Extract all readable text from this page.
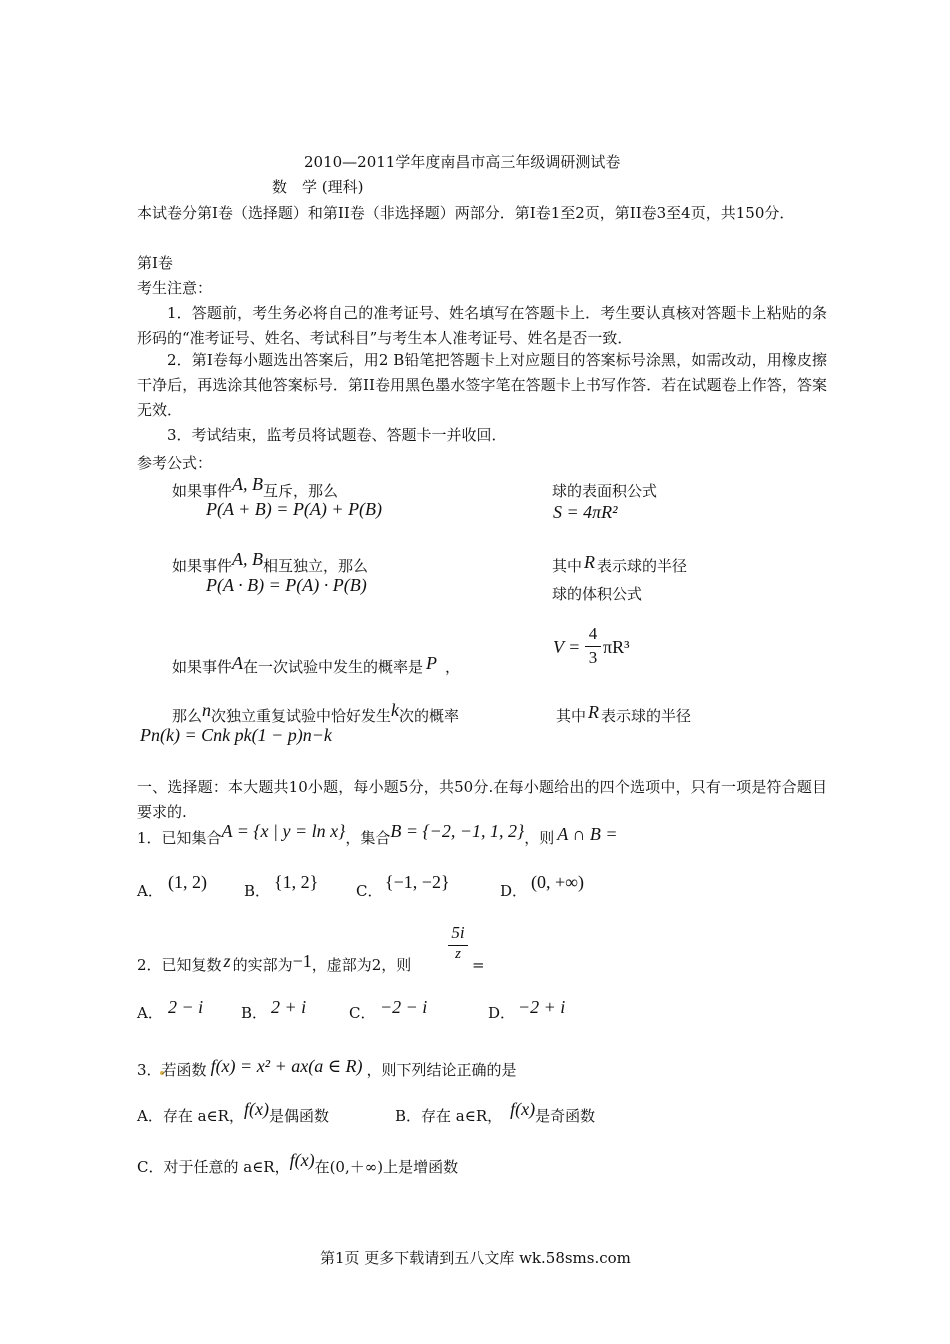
2010—2011学年度南昌市高三年级调研测试卷
数　学 (理科)
本试卷分第I卷（选择题）和第II卷（非选择题）两部分．第I卷1至2页，第II卷3至4页，共150分．
第I卷
考生注意：
1．答题前，考生务必将自己的准考证号、姓名填写在答题卡上．考生要认真核对答题卡上粘贴的条形码的“准考证号、姓名、考试科目”与考生本人准考证号、姓名是否一致．
2．第I卷每小题选出答案后，用2 B铅笔把答题卡上对应题目的答案标号涂黑，如需改动，用橡皮擦干净后，再选涂其他答案标号．第II卷用黑色墨水签字笔在答题卡上书写作答．若在试题卷上作答，答案无效．
3．考试结束，监考员将试题卷、答题卡一并收回．
参考公式：
如果事件A, B互斥，那么
P(A + B) = P(A) + P(B)
如果事件A, B相互独立，那么
P(A · B) = P(A) · P(B)
如果事件A在一次试验中发生的概率是 P ，
那么n次独立重复试验中恰好发生k次的概率
Pn(k) = Cnk pk(1 − p)n−k
球的表面积公式
S = 4πR²
其中 R 表示球的半径
球的体积公式
V =
4
3
πR³
其中 R 表示球的半径
一、选择题：本大题共10小题，每小题5分，共50分.在每小题给出的四个选项中，只有一项是符合题目要求的.
1．已知集合A = {x | y = ln x}，集合B = {−2, −1, 1, 2}，则 A ∩ B =
A． (1, 2) B． {1, 2}	C． {−1, −2}	D． (0, +∞)
5i
z
2．已知复数 z 的实部为−1，虚部为2，则	=
A． 2 − i	B． 2 + i	C． −2 − i	D． −2 + i
3．若函数 f(x) = x² + ax(a ∈ R) ，则下列结论正确的是
A．存在 a∈R，f(x)是偶函数	B．存在 a∈R， f(x)是奇函数
C．对于任意的 a∈R，f(x)在(0,＋∞)上是增函数
第1页 更多下载请到五八文库 wk.58sms.com
